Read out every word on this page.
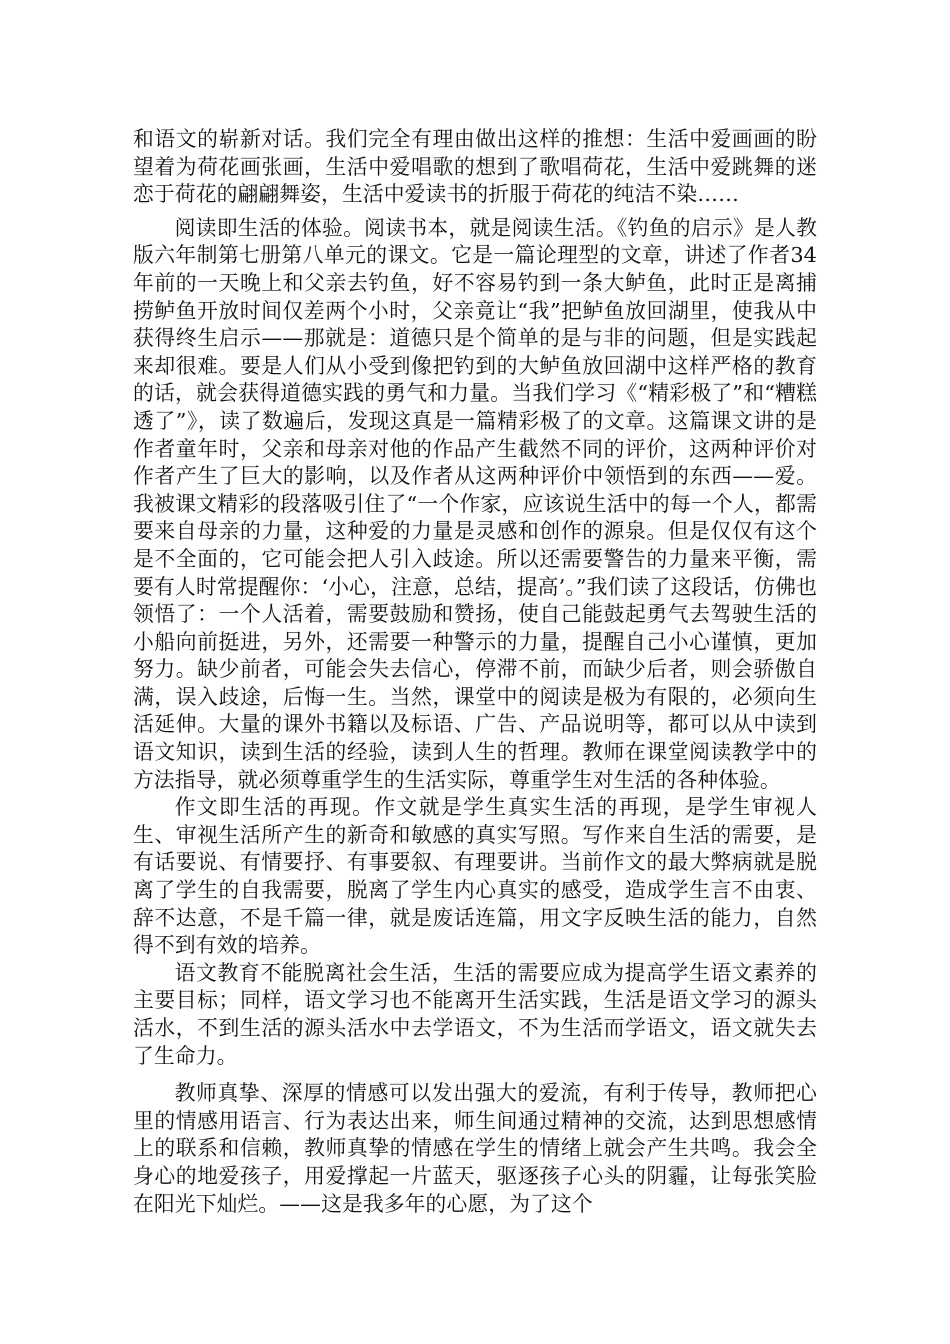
和语文的崭新对话。我们完全有理由做出这样的推想：生活中爱画画的盼望着为荷花画张画，生活中爱唱歌的想到了歌唱荷花，生活中爱跳舞的迷恋于荷花的翩翩舞姿，生活中爱读书的折服于荷花的纯洁不染……

阅读即生活的体验。阅读书本，就是阅读生活。《钓鱼的启示》是人教版六年制第七册第八单元的课文。它是一篇论理型的文章，讲述了作者34年前的一天晚上和父亲去钓鱼，好不容易钓到一条大鲈鱼，此时正是离捕捞鲈鱼开放时间仅差两个小时，父亲竟让“我”把鲈鱼放回湖里，使我从中获得终生启示——那就是：道德只是个简单的是与非的问题，但是实践起来却很难。要是人们从小受到像把钓到的大鲈鱼放回湖中这样严格的教育的话，就会获得道德实践的勇气和力量。当我们学习《“精彩极了”和“糟糕透了”》，读了数遍后，发现这真是一篇精彩极了的文章。这篇课文讲的是作者童年时，父亲和母亲对他的作品产生截然不同的评价，这两种评价对作者产生了巨大的影响，以及作者从这两种评价中领悟到的东西——爱。我被课文精彩的段落吸引住了“一个作家，应该说生活中的每一个人，都需要来自母亲的力量，这种爱的力量是灵感和创作的源泉。但是仅仅有这个是不全面的，它可能会把人引入歧途。所以还需要警告的力量来平衡，需要有人时常提醒你：‘小心，注意，总结，提高’。”我们读了这段话，仿佛也领悟了：一个人活着，需要鼓励和赞扬，使自己能鼓起勇气去驾驶生活的小船向前挺进，另外，还需要一种警示的力量，提醒自己小心谨慎，更加努力。缺少前者，可能会失去信心，停滞不前，而缺少后者，则会骄傲自满，误入歧途，后悔一生。当然，课堂中的阅读是极为有限的，必须向生活延伸。大量的课外书籍以及标语、广告、产品说明等，都可以从中读到语文知识，读到生活的经验，读到人生的哲理。教师在课堂阅读教学中的方法指导，就必须尊重学生的生活实际，尊重学生对生活的各种体验。

作文即生活的再现。作文就是学生真实生活的再现，是学生审视人生、审视生活所产生的新奇和敏感的真实写照。写作来自生活的需要，是有话要说、有情要抒、有事要叙、有理要讲。当前作文的最大弊病就是脱离了学生的自我需要，脱离了学生内心真实的感受，造成学生言不由衷、辞不达意，不是千篇一律，就是废话连篇，用文字反映生活的能力，自然得不到有效的培养。

语文教育不能脱离社会生活，生活的需要应成为提高学生语文素养的主要目标；同样，语文学习也不能离开生活实践，生活是语文学习的源头活水，不到生活的源头活水中去学语文，不为生活而学语文，语文就失去了生命力。

教师真挚、深厚的情感可以发出强大的爱流，有利于传导，教师把心里的情感用语言、行为表达出来，师生间通过精神的交流，达到思想感情上的联系和信赖，教师真挚的情感在学生的情绪上就会产生共鸣。我会全身心的地爱孩子，用爱撑起一片蓝天，驱逐孩子心头的阴霾，让每张笑脸在阳光下灿烂。——这是我多年的心愿，为了这个
